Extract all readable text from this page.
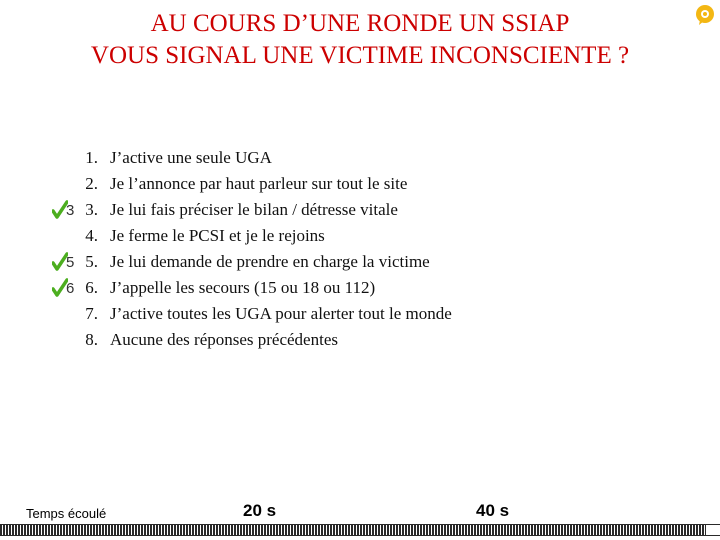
AU COURS D’UNE RONDE UN SSIAP
VOUS SIGNAL UNE VICTIME INCONSCIENTE ?
1. J’active une seule UGA
2. Je l’annonce par haut parleur sur tout le site
3 3. Je lui fais préciser le bilan / détresse vitale
4. Je ferme le PCSI et je le rejoins
5 5. Je lui demande de prendre en charge la victime
6 6. J’appelle les secours (15 ou 18 ou 112)
7. J’active toutes les UGA pour alerter tout le monde
8. Aucune des réponses précédentes
Temps écoulé	20 s	40 s
